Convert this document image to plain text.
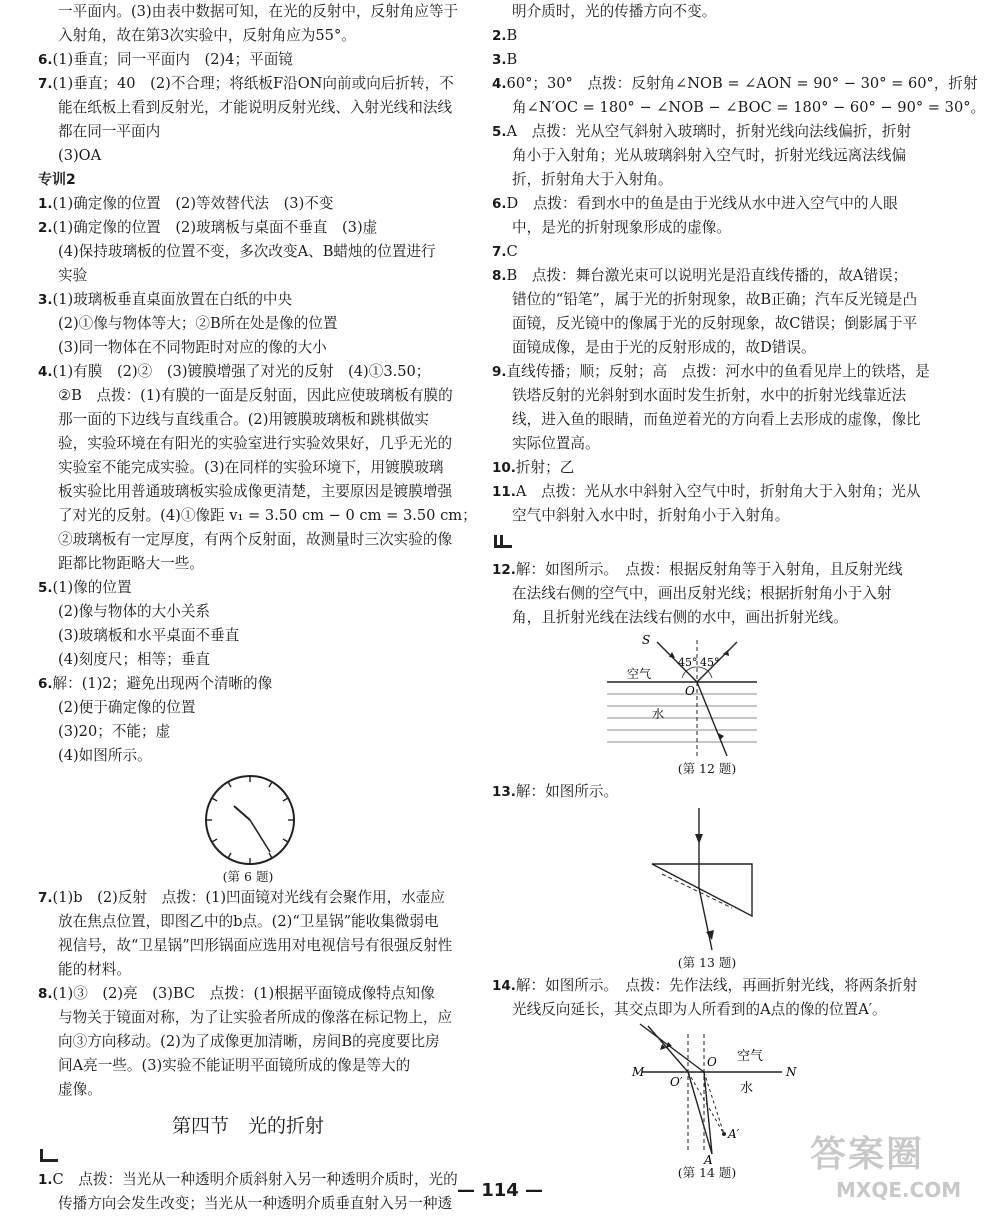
一平面内。(3)由表中数据可知，在光的反射中，反射角应等于
入射角，故在第3次实验中，反射角应为55°。
6.(1)垂直；同一平面内　(2)4；平面镜
7.(1)垂直；40　(2)不合理；将纸板F沿ON向前或向后折转，不
能在纸板上看到反射光，才能说明反射光线、入射光线和法线
都在同一平面内
(3)OA
专训2
1.(1)确定像的位置　(2)等效替代法　(3)不变
2.(1)确定像的位置　(2)玻璃板与桌面不垂直　(3)虚
(4)保持玻璃板的位置不变，多次改变A、B蜡烛的位置进行
实验
3.(1)玻璃板垂直桌面放置在白纸的中央
(2)①像与物体等大；②B所在处是像的位置
(3)同一物体在不同物距时对应的像的大小
4.(1)有膜　(2)②　(3)镀膜增强了对光的反射　(4)①3.50；
②B　点拨：(1)有膜的一面是反射面，因此应使玻璃板有膜的
那一面的下边线与直线重合。(2)用镀膜玻璃板和跳棋做实
验，实验环境在有阳光的实验室进行实验效果好，几乎无光的
实验室不能完成实验。(3)在同样的实验环境下，用镀膜玻璃
板实验比用普通玻璃板实验成像更清楚，主要原因是镀膜增强
了对光的反射。(4)①像距 v₁ = 3.50 cm − 0 cm = 3.50 cm；
②玻璃板有一定厚度，有两个反射面，故测量时三次实验的像
距都比物距略大一些。
5.(1)像的位置
(2)像与物体的大小关系
(3)玻璃板和水平桌面不垂直
(4)刻度尺；相等；垂直
6.解：(1)2；避免出现两个清晰的像
(2)便于确定像的位置
(3)20；不能；虚
(4)如图所示。
(第 6 题)
7.(1)b　(2)反射　点拨：(1)凹面镜对光线有会聚作用，水壶应
放在焦点位置，即图乙中的b点。(2)“卫星锅”能收集微弱电
视信号，故“卫星锅”凹形锅面应选用对电视信号有很强反射性
能的材料。
8.(1)③　(2)亮　(3)BC　点拨：(1)根据平面镜成像特点知像
与物关于镜面对称，为了让实验者所成的像落在标记物上，应
向③方向移动。(2)为了成像更加清晰，房间B的亮度要比房
间A亮一些。(3)实验不能证明平面镜所成的像是等大的
虚像。
第四节　光的折射
1.C　点拨：当光从一种透明介质斜射入另一种透明介质时，光的
传播方向会发生改变；当光从一种透明介质垂直射入另一种透
明介质时，光的传播方向不变。
2.B
3.B
4.60°；30°　点拨：反射角∠NOB = ∠AON = 90° − 30° = 60°，折射
角∠N′OC = 180° − ∠NOB − ∠BOC = 180° − 60° − 90° = 30°。
5.A　点拨：光从空气斜射入玻璃时，折射光线向法线偏折，折射
角小于入射角；光从玻璃斜射入空气时，折射光线远离法线偏
折，折射角大于入射角。
6.D　点拨：看到水中的鱼是由于光线从水中进入空气中的人眼
中，是光的折射现象形成的虚像。
7.C
8.B　点拨：舞台激光束可以说明光是沿直线传播的，故A错误；
错位的“铅笔”，属于光的折射现象，故B正确；汽车反光镜是凸
面镜，反光镜中的像属于光的反射现象，故C错误；倒影属于平
面镜成像，是由于光的反射形成的，故D错误。
9.直线传播；顺；反射；高　点拨：河水中的鱼看见岸上的铁塔，是
铁塔反射的光斜射到水面时发生折射，水中的折射光线靠近法
线，进入鱼的眼睛，而鱼逆着光的方向看上去形成的虚像，像比
实际位置高。
10.折射；乙
11.A　点拨：光从水中斜射入空气中时，折射角大于入射角；光从
空气中斜射入水中时，折射角小于入射角。
12.解：如图所示。　点拨：根据反射角等于入射角，且反射光线
在法线右侧的空气中，画出反射光线；根据折射角小于入射
角，且折射光线在法线右侧的水中，画出折射光线。
S
45° 45°
空气
O
水
(第 12 题)
13.解：如图所示。
(第 13 题)
14.解：如图所示。　点拨：先作法线，再画折射光线，将两条折射
光线反向延长，其交点即为人所看到的A点的像的位置A′。
M	N
O
O′
空气
水
A′
A
(第 14 题)
— 114 —
答案圈
MXQE.COM
